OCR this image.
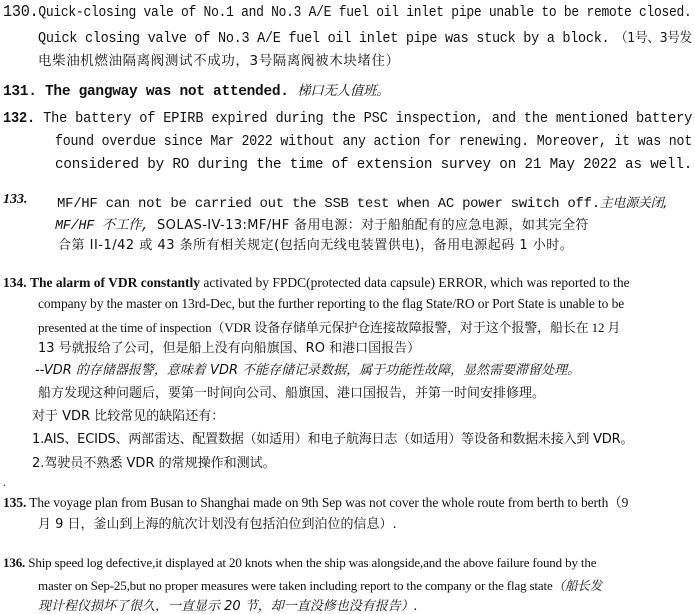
130.Quick-closing vale of No.1 and No.3 A/E fuel oil inlet pipe unable to be remote closed.
Quick closing valve of No.3 A/E fuel oil inlet pipe was stuck by a block. （1号、3号发
电柴油机燃油隔离阀测试不成功，3号隔离阀被木块堵住）
131. The gangway was not attended. 梯口无人值班。
132. The battery of EPIRB expired during the PSC inspection, and the mentioned battery
found overdue since Mar 2022 without any action for renewing. Moreover, it was not
considered by RO during the time of extension survey on 21 May 2022 as well.
133. MF/HF can not be carried out the SSB test when AC power switch off.主电源关闭,
MF/HF 不工作, SOLAS-IV-13:MF/HF 备用电源：对于船舶配有的应急电源，如其完全符
合第 II-1/42 或 43 条所有相关规定(包括向无线电装置供电)，备用电源起码 1 小时。
134. The alarm of VDR constantly activated by FPDC(protected data capsule) ERROR, which was reported to the
company by the master on 13rd-Dec, but the further reporting to the flag State/RO or Port State is unable to be
presented at the time of inspection（VDR 设备存储单元保护仓连接故障报警，对于这个报警，船长在 12 月
13 号就报给了公司，但是船上没有向船旗国、RO 和港口国报告）
--VDR 的存储器报警，意味着 VDR 不能存储记录数据，属于功能性故障，显然需要滞留处理。
船方发现这种问题后，要第一时间向公司、船旗国、港口国报告，并第一时间安排修理。
对于 VDR 比较常见的缺陷还有：
1.AIS、ECIDS、两部雷达、配置数据（如适用）和电子航海日志（如适用）等设备和数据未接入到 VDR。
2.驾驶员不熟悉 VDR 的常规操作和测试。
.
135. The voyage plan from Busan to Shanghai made on 9th Sep was not cover the whole route from berth to berth（9
月 9 日，釜山到上海的航次计划没有包括泊位到泊位的信息）.
136. Ship speed log defective,it displayed at 20 knots when the ship was alongside,and the above failure found by the
master on Sep-25,but no proper measures were taken including report to the company or the flag state（船长发
现计程仪损坏了很久，一直显示 20 节，却一直没修也没有报告）.
